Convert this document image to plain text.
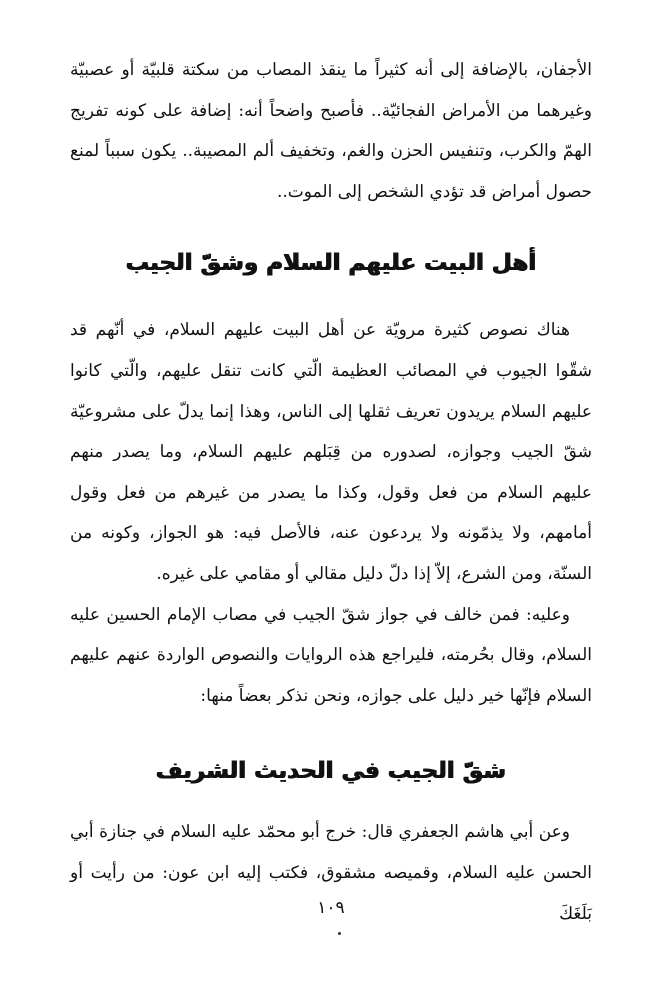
الأجفان، بالإضافة إلى أنه كثيراً ما ينقذ المصاب من سكتة قلبيّة أو عصبيّة وغيرهما من الأمراض الفجائيّة.. فأصبح واضحاً أنه: إضافة على كونه تفريج الهمّ والكرب، وتنفيس الحزن والغم، وتخفيف ألم المصيبة.. يكون سبباً لمنع حصول أمراض قد تؤدي الشخص إلى الموت..

أهل البيت عليهم السلام وشقّ الجيب

هناك نصوص كثيرة مرويّة عن أهل البيت عليهم السلام، في أنّهم قد شقّوا الجيوب في المصائب العظيمة الّتي كانت تنقل عليهم، والّتي كانوا عليهم السلام يريدون تعريف ثقلها إلى الناس، وهذا إنما يدلّ على مشروعيّة شقّ الجيب وجوازه، لصدوره من قِبَلهم عليهم السلام، وما يصدر منهم عليهم السلام من فعل وقول، وكذا ما يصدر من غيرهم من فعل وقول أمامهم، ولا يذمّونه ولا يردعون عنه، فالأصل فيه: هو الجواز، وكونه من السنّة، ومن الشرع، إلاّ إذا دلّ دليل مقالي أو مقامي على غيره.

وعليه: فمن خالف في جواز شقّ الجيب في مصاب الإمام الحسين عليه السلام، وقال بحُرمته، فليراجع هذه الروايات والنصوص الواردة عنهم عليهم السلام فإنّها خير دليل على جوازه، ونحن نذكر بعضاً منها:

شقّ الجيب في الحديث الشريف

وعن أبي هاشم الجعفري قال: خرج أبو محمّد عليه السلام في جنازة أبي الحسن عليه السلام، وقميصه مشقوق، فكتب إليه ابن عون: من رأيت أو بَلَغَكَ

١٠٩
